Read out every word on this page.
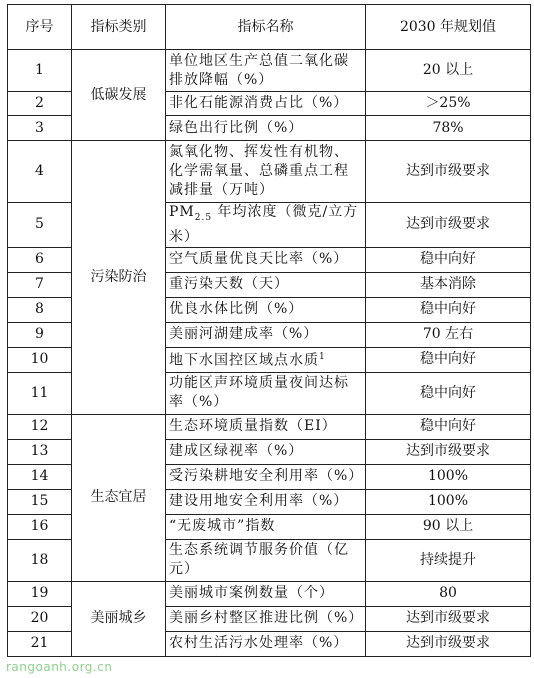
序号	指标类别	指标名称	2030 年规划值
1	低碳发展	单位地区生产总值二氧化碳排放降幅（%）	20 以上
2		非化石能源消费占比（%）	＞25%
3		绿色出行比例（%）	78%
4	污染防治	氮氧化物、挥发性有机物、化学需氧量、总磷重点工程减排量（万吨）	达到市级要求
5		$PM_{2.5}$ 年均浓度（微克/立方米）	达到市级要求
6		空气质量优良天比率（%）	稳中向好
7		重污染天数（天）	基本消除
8		优良水体比例（%）	稳中向好
9		美丽河湖建成率（%）	70 左右
10		地下水国控区域点水质$^1$	稳中向好
11		功能区声环境质量夜间达标率（%）	稳中向好
12	生态宜居	生态环境质量指数（EI）	稳中向好
13		建成区绿视率（%）	达到市级要求
14		受污染耕地安全利用率（%）	100%
15		建设用地安全利用率（%）	100%
16		“无废城市”指数	90 以上
18		生态系统调节服务价值（亿元）	持续提升
19	美丽城乡	美丽城市案例数量（个）	80
20		美丽乡村整区推进比例（%）	达到市级要求
21		农村生活污水处理率（%）	达到市级要求
rangoanh.org.cn
